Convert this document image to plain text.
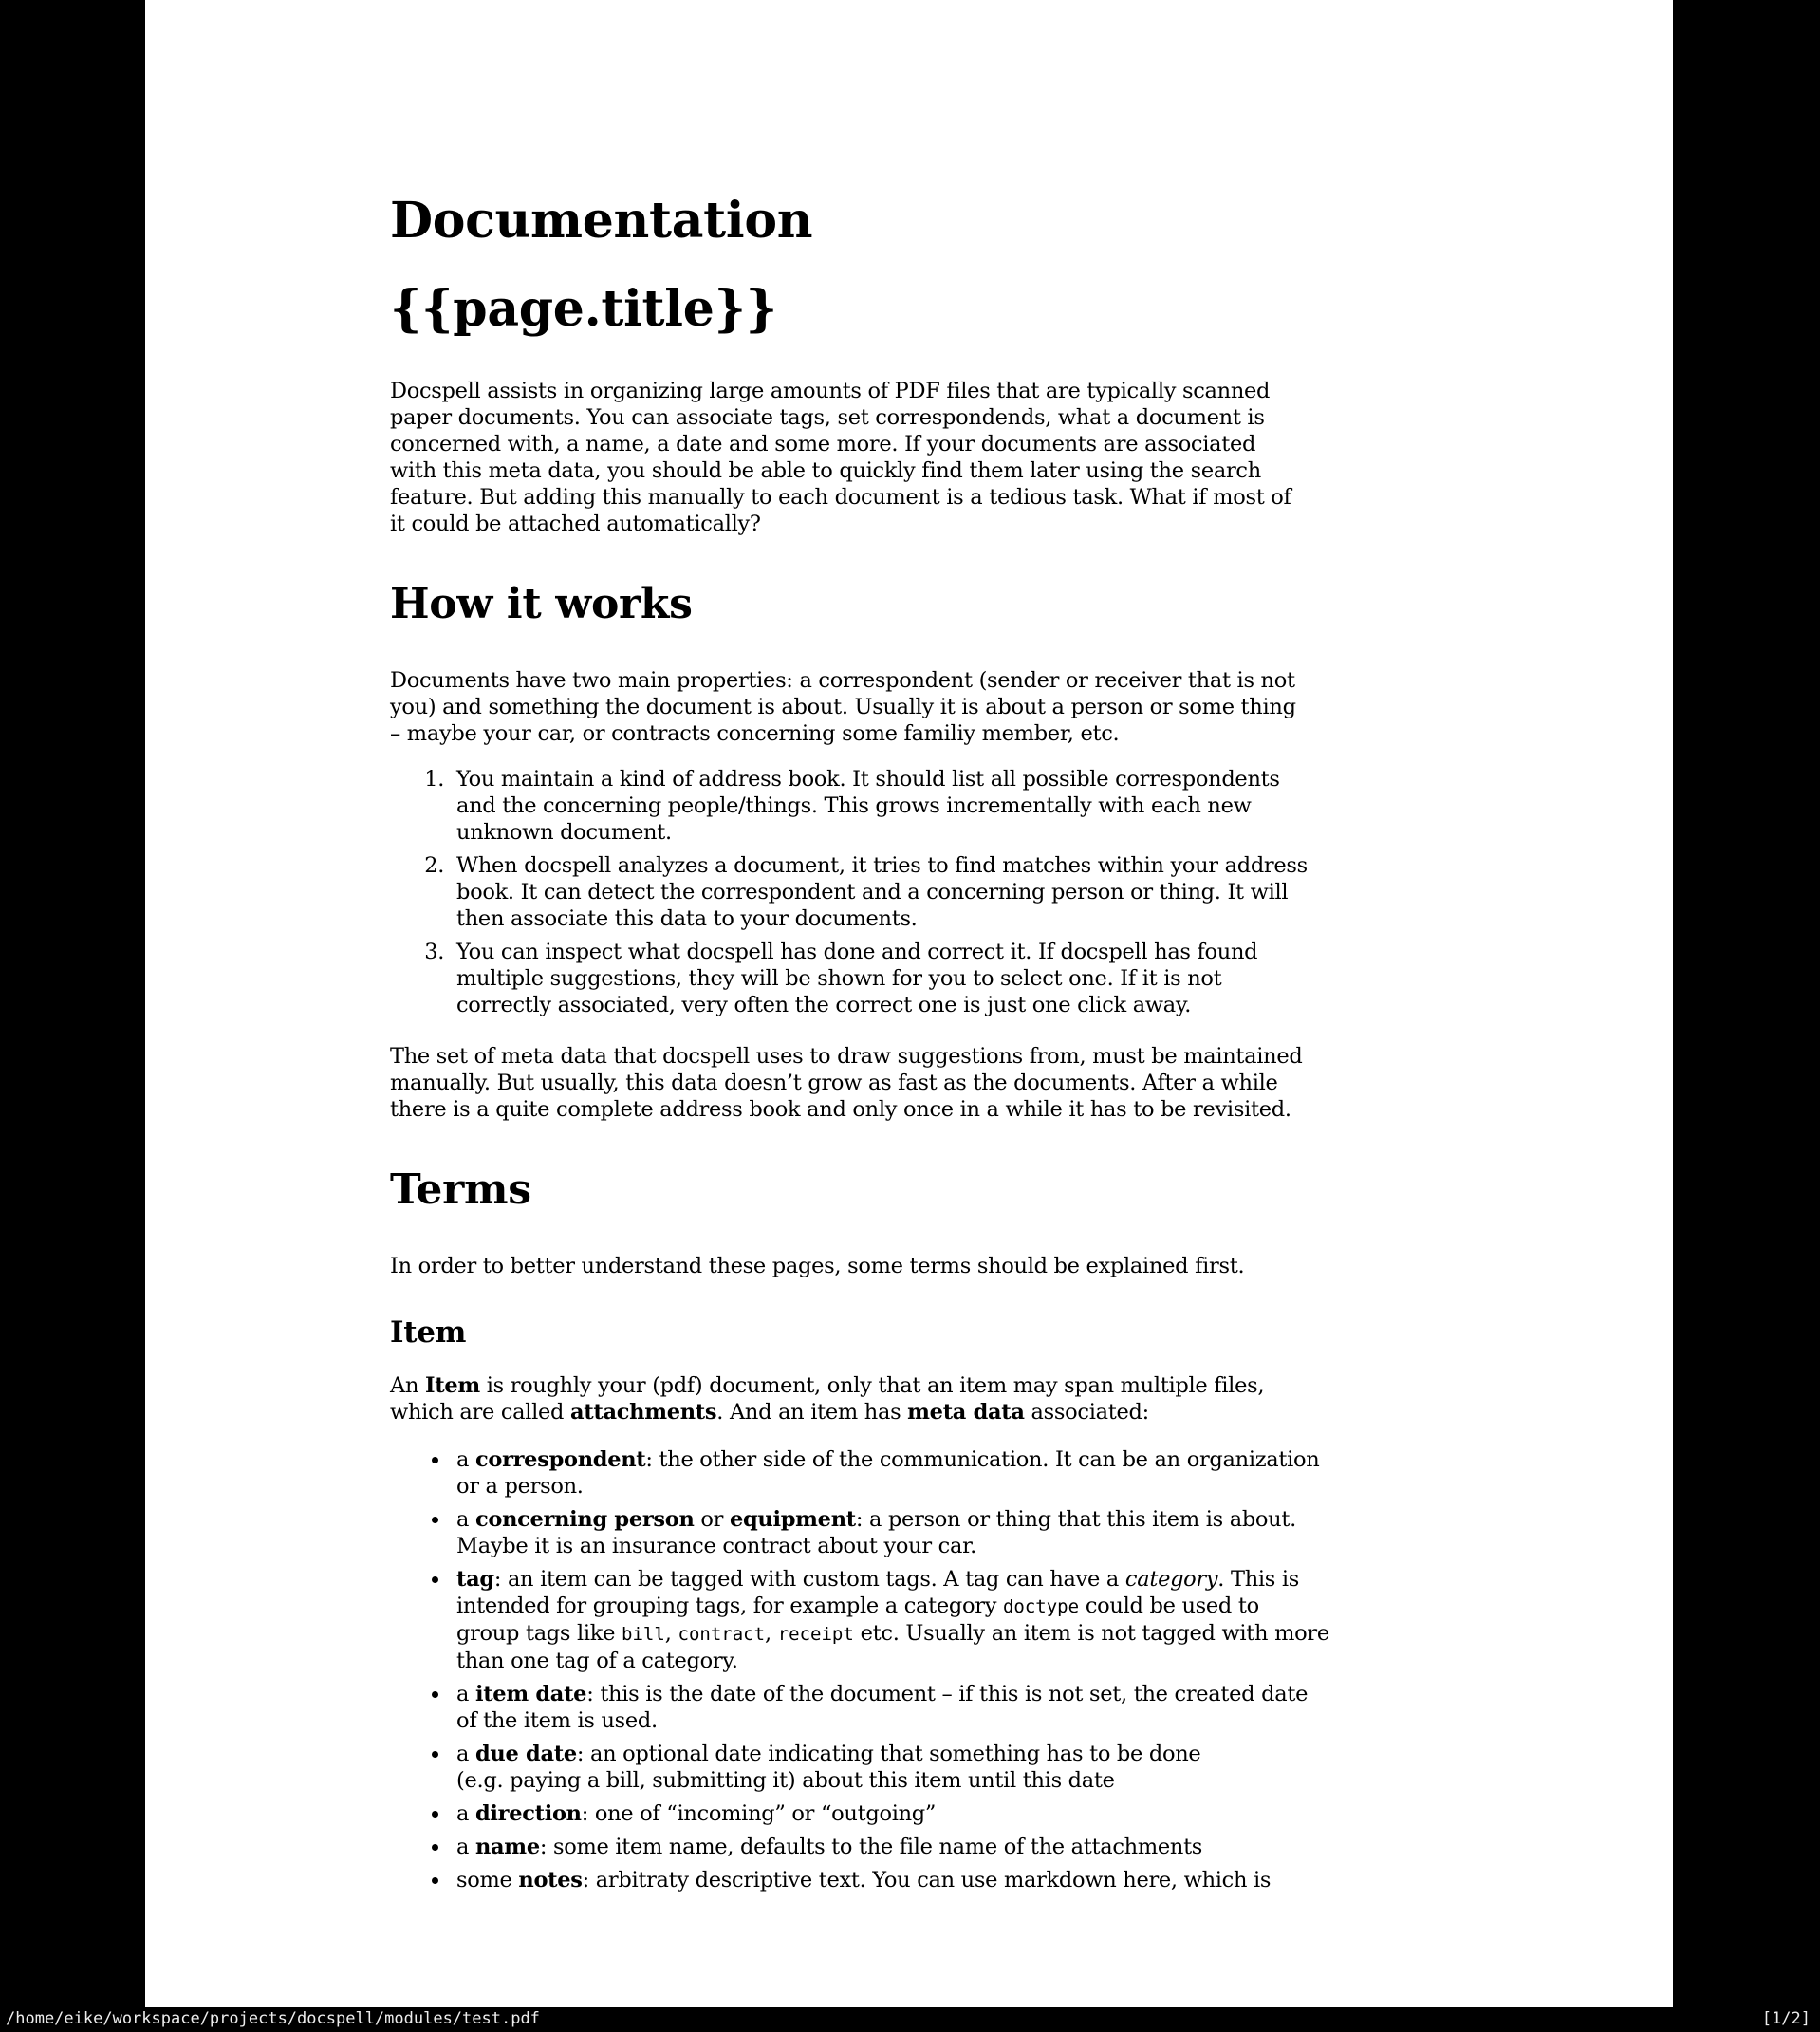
Documentation
{{page.title}}

Docspell assists in organizing large amounts of PDF files that are typically scanned
paper documents. You can associate tags, set correspondends, what a document is
concerned with, a name, a date and some more. If your documents are associated
with this meta data, you should be able to quickly find them later using the search
feature. But adding this manually to each document is a tedious task. What if most of
it could be attached automatically?

How it works

Documents have two main properties: a correspondent (sender or receiver that is not
you) and something the document is about. Usually it is about a person or some thing
– maybe your car, or contracts concerning some familiy member, etc.

1. You maintain a kind of address book. It should list all possible correspondents
and the concerning people/things. This grows incrementally with each new
unknown document.
2. When docspell analyzes a document, it tries to find matches within your address
book. It can detect the correspondent and a concerning person or thing. It will
then associate this data to your documents.
3. You can inspect what docspell has done and correct it. If docspell has found
multiple suggestions, they will be shown for you to select one. If it is not
correctly associated, very often the correct one is just one click away.

The set of meta data that docspell uses to draw suggestions from, must be maintained
manually. But usually, this data doesn’t grow as fast as the documents. After a while
there is a quite complete address book and only once in a while it has to be revisited.

Terms

In order to better understand these pages, some terms should be explained first.

Item

An Item is roughly your (pdf) document, only that an item may span multiple files,
which are called attachments. And an item has meta data associated:

• a correspondent: the other side of the communication. It can be an organization
or a person.
• a concerning person or equipment: a person or thing that this item is about.
Maybe it is an insurance contract about your car.
• tag: an item can be tagged with custom tags. A tag can have a category. This is
intended for grouping tags, for example a category doctype could be used to
group tags like bill, contract, receipt etc. Usually an item is not tagged with more
than one tag of a category.
• a item date: this is the date of the document – if this is not set, the created date
of the item is used.
• a due date: an optional date indicating that something has to be done
(e.g. paying a bill, submitting it) about this item until this date
• a direction: one of “incoming” or “outgoing”
• a name: some item name, defaults to the file name of the attachments
• some notes: arbitraty descriptive text. You can use markdown here, which is
/home/eike/workspace/projects/docspell/modules/test.pdf	[1/2]
